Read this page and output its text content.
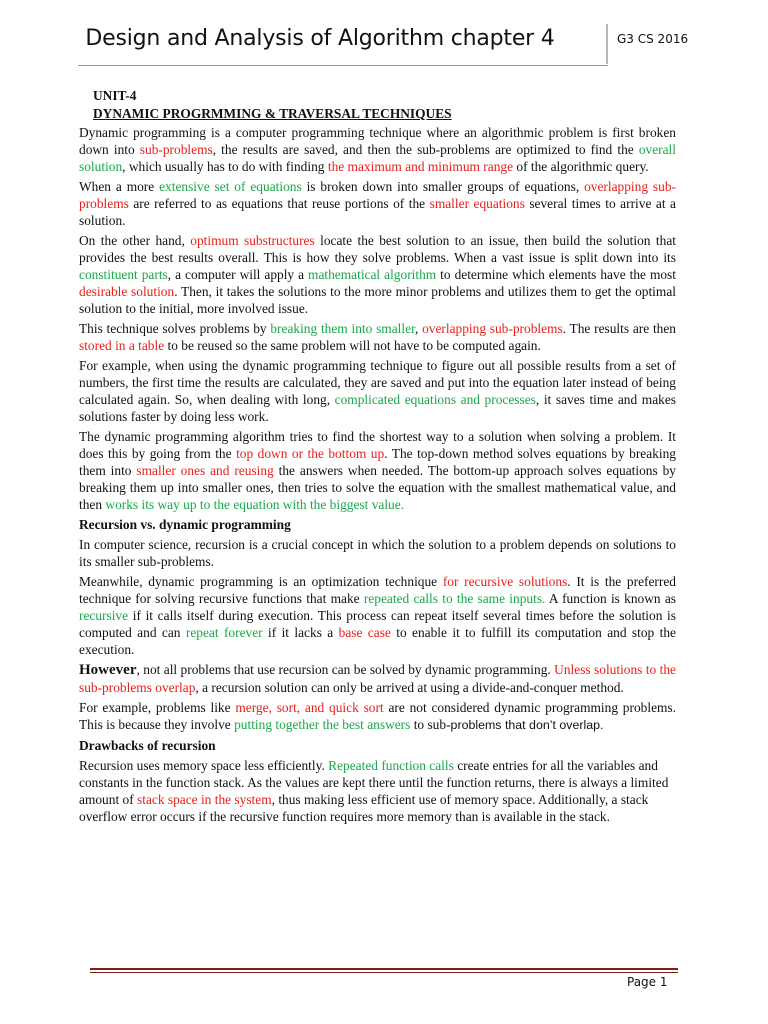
Design and Analysis of Algorithm chapter 4	G3 CS 2016
UNIT-4
DYNAMIC PROGRMMING & TRAVERSAL TECHNIQUES

Dynamic programming is a computer programming technique where an algorithmic problem is first broken down into sub-problems, the results are saved, and then the sub-problems are optimized to find the overall solution, which usually has to do with finding the maximum and minimum range of the algorithmic query.

When a more extensive set of equations is broken down into smaller groups of equations, overlapping sub-problems are referred to as equations that reuse portions of the smaller equations several times to arrive at a solution.

On the other hand, optimum substructures locate the best solution to an issue, then build the solution that provides the best results overall. This is how they solve problems. When a vast issue is split down into its constituent parts, a computer will apply a mathematical algorithm to determine which elements have the most desirable solution. Then, it takes the solutions to the more minor problems and utilizes them to get the optimal solution to the initial, more involved issue.

This technique solves problems by breaking them into smaller, overlapping sub-problems. The results are then stored in a table to be reused so the same problem will not have to be computed again.

For example, when using the dynamic programming technique to figure out all possible results from a set of numbers, the first time the results are calculated, they are saved and put into the equation later instead of being calculated again. So, when dealing with long, complicated equations and processes, it saves time and makes solutions faster by doing less work.

The dynamic programming algorithm tries to find the shortest way to a solution when solving a problem. It does this by going from the top down or the bottom up. The top-down method solves equations by breaking them into smaller ones and reusing the answers when needed. The bottom-up approach solves equations by breaking them up into smaller ones, then tries to solve the equation with the smallest mathematical value, and then works its way up to the equation with the biggest value.

Recursion vs. dynamic programming

In computer science, recursion is a crucial concept in which the solution to a problem depends on solutions to its smaller sub-problems.

Meanwhile, dynamic programming is an optimization technique for recursive solutions. It is the preferred technique for solving recursive functions that make repeated calls to the same inputs. A function is known as recursive if it calls itself during execution. This process can repeat itself several times before the solution is computed and can repeat forever if it lacks a base case to enable it to fulfill its computation and stop the execution.

However, not all problems that use recursion can be solved by dynamic programming. Unless solutions to the sub-problems overlap, a recursion solution can only be arrived at using a divide-and-conquer method.

For example, problems like merge, sort, and quick sort are not considered dynamic programming problems. This is because they involve putting together the best answers to sub-problems that don’t overlap.

Drawbacks of recursion

Recursion uses memory space less efficiently. Repeated function calls create entries for all the variables and constants in the function stack. As the values are kept there until the function returns, there is always a limited amount of stack space in the system, thus making less efficient use of memory space. Additionally, a stack overflow error occurs if the recursive function requires more memory than is available in the stack.

Page 1
